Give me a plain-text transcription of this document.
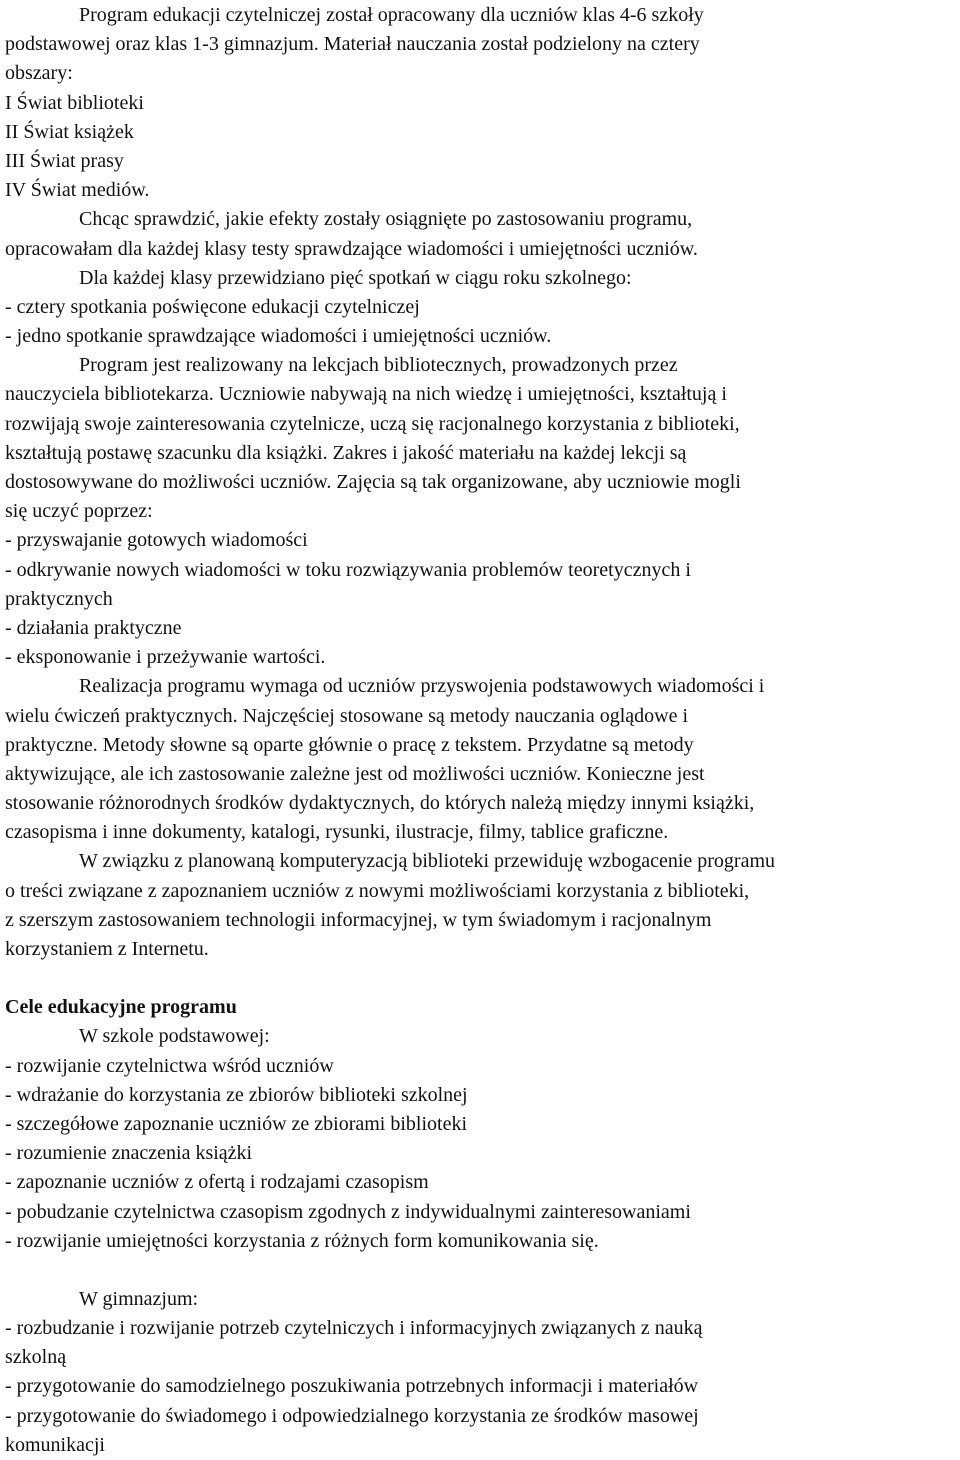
Program edukacji czytelniczej został opracowany dla uczniów klas 4-6 szkoły
podstawowej oraz klas 1-3 gimnazjum. Materiał nauczania został podzielony na cztery
obszary:
I Świat biblioteki
II Świat książek
III Świat prasy
IV Świat mediów.
Chcąc sprawdzić, jakie efekty zostały osiągnięte po zastosowaniu programu,
opracowałam dla każdej klasy testy sprawdzające wiadomości i umiejętności uczniów.
Dla każdej klasy przewidziano pięć spotkań w ciągu roku szkolnego:
- cztery spotkania poświęcone edukacji czytelniczej
- jedno spotkanie sprawdzające wiadomości i umiejętności uczniów.
Program jest realizowany na lekcjach bibliotecznych, prowadzonych przez
nauczyciela bibliotekarza. Uczniowie nabywają na nich wiedzę i umiejętności, kształtują i
rozwijają swoje zainteresowania czytelnicze, uczą się racjonalnego korzystania z biblioteki,
kształtują postawę szacunku dla książki. Zakres i jakość materiału na każdej lekcji są
dostosowywane do możliwości uczniów. Zajęcia są tak organizowane, aby uczniowie mogli
się uczyć poprzez:
- przyswajanie gotowych wiadomości
- odkrywanie nowych wiadomości w toku rozwiązywania problemów teoretycznych i
praktycznych
- działania praktyczne
- eksponowanie i przeżywanie wartości.
Realizacja programu wymaga od uczniów przyswojenia podstawowych wiadomości i
wielu ćwiczeń praktycznych. Najczęściej stosowane są metody nauczania oglądowe i
praktyczne. Metody słowne są oparte głównie o pracę z tekstem. Przydatne są metody
aktywizujące, ale ich zastosowanie zależne jest od możliwości uczniów. Konieczne jest
stosowanie różnorodnych środków dydaktycznych, do których należą między innymi książki,
czasopisma i inne dokumenty, katalogi, rysunki, ilustracje, filmy, tablice graficzne.
W związku z planowaną komputeryzacją biblioteki przewiduję wzbogacenie programu
o treści związane z zapoznaniem uczniów z nowymi możliwościami korzystania z biblioteki,
z szerszym zastosowaniem technologii informacyjnej, w tym świadomym i racjonalnym
korzystaniem z Internetu.
Cele edukacyjne programu
W szkole podstawowej:
- rozwijanie czytelnictwa wśród uczniów
- wdrażanie do korzystania ze zbiorów biblioteki szkolnej
- szczegółowe zapoznanie uczniów ze zbiorami biblioteki
- rozumienie znaczenia książki
- zapoznanie uczniów z ofertą i rodzajami czasopism
- pobudzanie czytelnictwa czasopism zgodnych z indywidualnymi zainteresowaniami
- rozwijanie umiejętności korzystania z różnych form komunikowania się.
W gimnazjum:
- rozbudzanie i rozwijanie potrzeb czytelniczych i informacyjnych związanych z nauką
szkolną
- przygotowanie do samodzielnego poszukiwania potrzebnych informacji i materiałów
- przygotowanie do świadomego i odpowiedzialnego korzystania ze środków masowej
komunikacji
